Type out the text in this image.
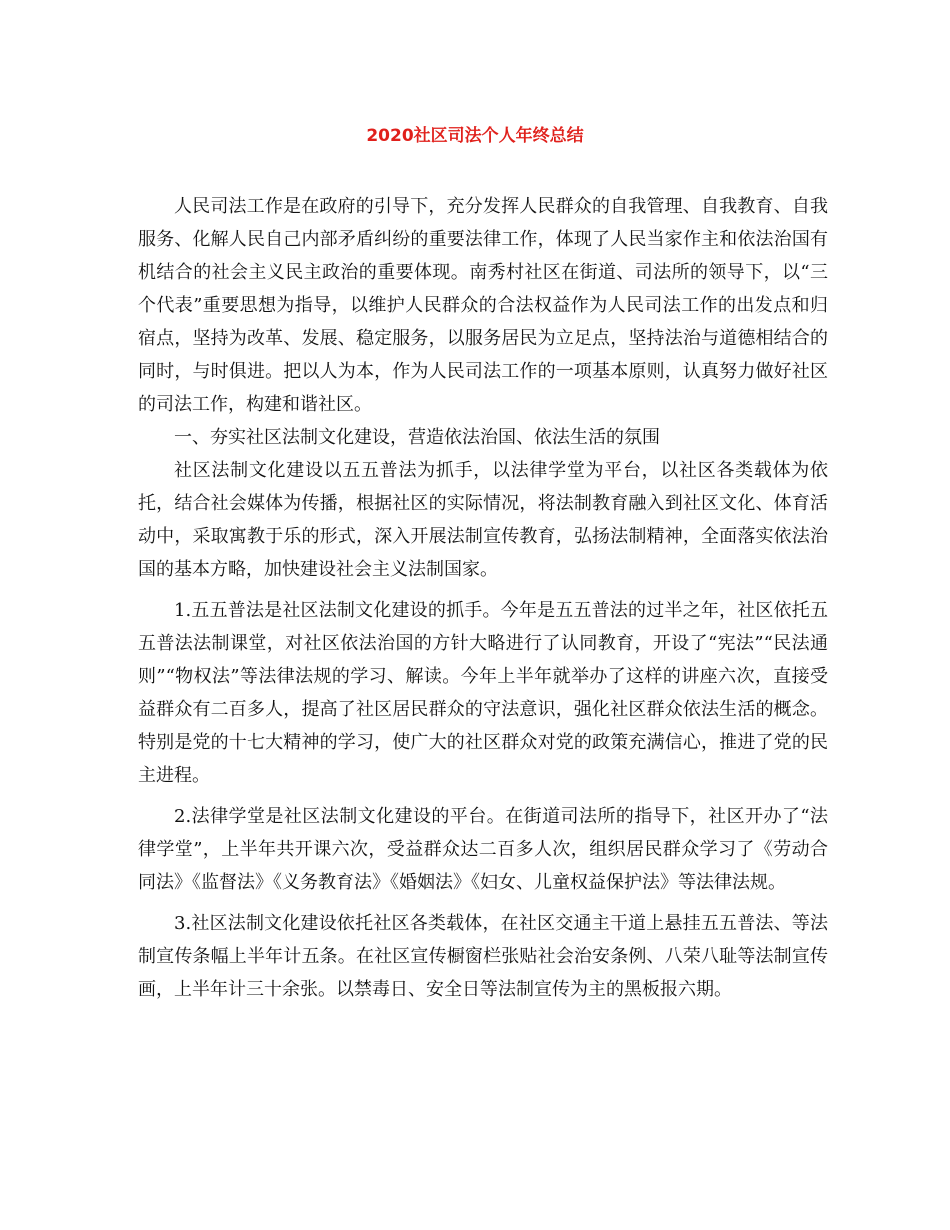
2020社区司法个人年终总结

人民司法工作是在政府的引导下，充分发挥人民群众的自我管理、自我教育、自我服务、化解人民自己内部矛盾纠纷的重要法律工作，体现了人民当家作主和依法治国有机结合的社会主义民主政治的重要体现。南秀村社区在街道、司法所的领导下，以“三个代表”重要思想为指导，以维护人民群众的合法权益作为人民司法工作的出发点和归宿点，坚持为改革、发展、稳定服务，以服务居民为立足点，坚持法治与道德相结合的同时，与时俱进。把以人为本，作为人民司法工作的一项基本原则，认真努力做好社区的司法工作，构建和谐社区。

一、夯实社区法制文化建设，营造依法治国、依法生活的氛围

社区法制文化建设以五五普法为抓手，以法律学堂为平台，以社区各类载体为依托，结合社会媒体为传播，根据社区的实际情况，将法制教育融入到社区文化、体育活动中，采取寓教于乐的形式，深入开展法制宣传教育，弘扬法制精神，全面落实依法治国的基本方略，加快建设社会主义法制国家。

1.五五普法是社区法制文化建设的抓手。今年是五五普法的过半之年，社区依托五五普法法制课堂，对社区依法治国的方针大略进行了认同教育，开设了“宪法”“民法通则”“物权法”等法律法规的学习、解读。今年上半年就举办了这样的讲座六次，直接受益群众有二百多人，提高了社区居民群众的守法意识，强化社区群众依法生活的概念。特别是党的十七大精神的学习，使广大的社区群众对党的政策充满信心，推进了党的民主进程。

2.法律学堂是社区法制文化建设的平台。在街道司法所的指导下，社区开办了“法律学堂”，上半年共开课六次，受益群众达二百多人次，组织居民群众学习了《劳动合同法》《监督法》《义务教育法》《婚姻法》《妇女、儿童权益保护法》等法律法规。

3.社区法制文化建设依托社区各类载体，在社区交通主干道上悬挂五五普法、等法制宣传条幅上半年计五条。在社区宣传橱窗栏张贴社会治安条例、八荣八耻等法制宣传画，上半年计三十余张。以禁毒日、安全日等法制宣传为主的黑板报六期。
